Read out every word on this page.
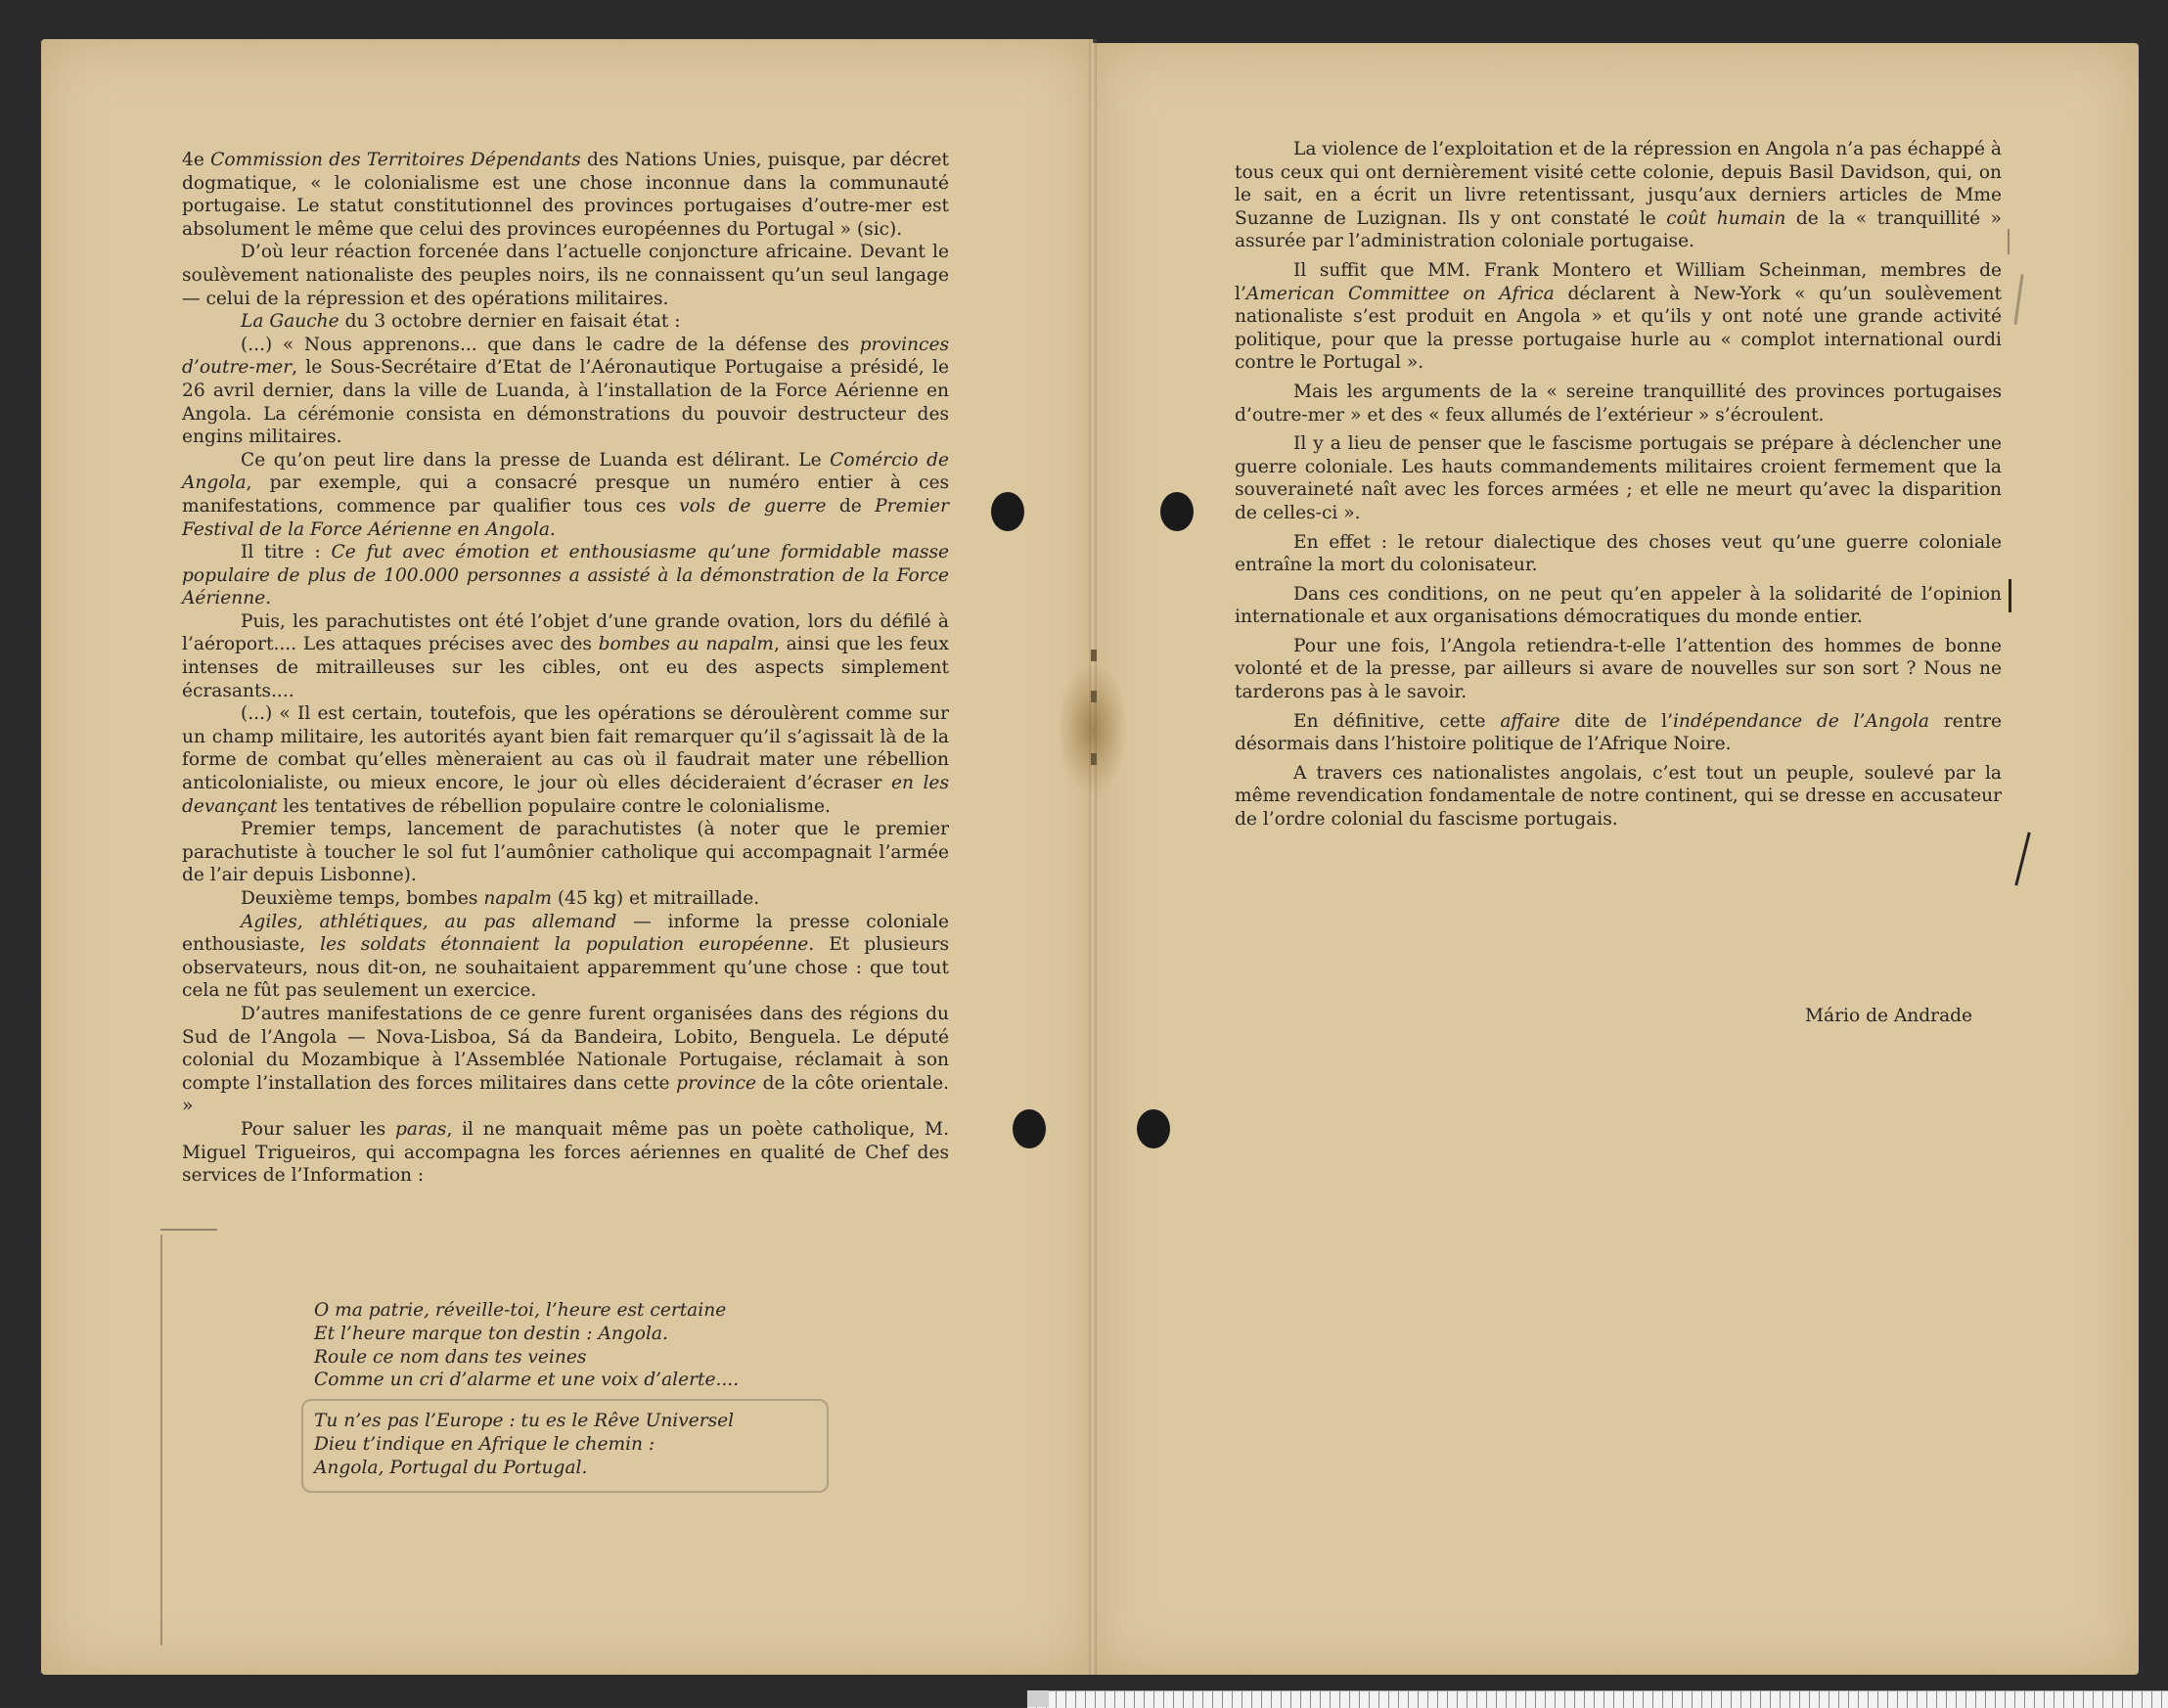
4e Commission des Territoires Dépendants des Nations Unies, puisque, par décret dogmatique, « le colonialisme est une chose inconnue dans la communauté portugaise. Le statut constitutionnel des provinces portugaises d’outre-mer est absolument le même que celui des provinces européennes du Portugal » (sic).

D’où leur réaction forcenée dans l’actuelle conjoncture africaine. Devant le soulèvement nationaliste des peuples noirs, ils ne connaissent qu’un seul langage — celui de la répression et des opérations militaires.

La Gauche du 3 octobre dernier en faisait état :

(...) « Nous apprenons... que dans le cadre de la défense des provinces d’outre-mer, le Sous-Secrétaire d’Etat de l’Aéronautique Portugaise a présidé, le 26 avril dernier, dans la ville de Luanda, à l’installation de la Force Aérienne en Angola. La cérémonie consista en démonstrations du pouvoir destructeur des engins militaires.

Ce qu’on peut lire dans la presse de Luanda est délirant. Le Comércio de Angola, par exemple, qui a consacré presque un numéro entier à ces manifestations, commence par qualifier tous ces vols de guerre de Premier Festival de la Force Aérienne en Angola.

Il titre : Ce fut avec émotion et enthousiasme qu’une formidable masse populaire de plus de 100.000 personnes a assisté à la démonstration de la Force Aérienne.

Puis, les parachutistes ont été l’objet d’une grande ovation, lors du défilé à l’aéroport.... Les attaques précises avec des bombes au napalm, ainsi que les feux intenses de mitrailleuses sur les cibles, ont eu des aspects simplement écrasants....

(...) « Il est certain, toutefois, que les opérations se déroulèrent comme sur un champ militaire, les autorités ayant bien fait remarquer qu’il s’agissait là de la forme de combat qu’elles mèneraient au cas où il faudrait mater une rébellion anticolonialiste, ou mieux encore, le jour où elles décideraient d’écraser en les devançant les tentatives de rébellion populaire contre le colonialisme.

Premier temps, lancement de parachutistes (à noter que le premier parachutiste à toucher le sol fut l’aumônier catholique qui accompagnait l’armée de l’air depuis Lisbonne).

Deuxième temps, bombes napalm (45 kg) et mitraillade.

Agiles, athlétiques, au pas allemand — informe la presse coloniale enthousiaste, les soldats étonnaient la population européenne. Et plusieurs observateurs, nous dit-on, ne souhaitaient apparemment qu’une chose : que tout cela ne fût pas seulement un exercice.

D’autres manifestations de ce genre furent organisées dans des régions du Sud de l’Angola — Nova-Lisboa, Sá da Bandeira, Lobito, Benguela. Le député colonial du Mozambique à l’Assemblée Nationale Portugaise, réclamait à son compte l’installation des forces militaires dans cette province de la côte orientale. »

Pour saluer les paras, il ne manquait même pas un poète catholique, M. Miguel Trigueiros, qui accompagna les forces aériennes en qualité de Chef des services de l’Information :

O ma patrie, réveille-toi, l’heure est certaine
Et l’heure marque ton destin : Angola.
Roule ce nom dans tes veines
Comme un cri d’alarme et une voix d’alerte....
Tu n’es pas l’Europe : tu es le Rêve Universel
Dieu t’indique en Afrique le chemin :
Angola, Portugal du Portugal.

La violence de l’exploitation et de la répression en Angola n’a pas échappé à tous ceux qui ont dernièrement visité cette colonie, depuis Basil Davidson, qui, on le sait, en a écrit un livre retentissant, jusqu’aux derniers articles de Mme Suzanne de Luzignan. Ils y ont constaté le coût humain de la « tranquillité » assurée par l’administration coloniale portugaise.

Il suffit que MM. Frank Montero et William Scheinman, membres de l’American Committee on Africa déclarent à New-York « qu’un soulèvement nationaliste s’est produit en Angola » et qu’ils y ont noté une grande activité politique, pour que la presse portugaise hurle au « complot international ourdi contre le Portugal ».

Mais les arguments de la « sereine tranquillité des provinces portugaises d’outre-mer » et des « feux allumés de l’extérieur » s’écroulent.

Il y a lieu de penser que le fascisme portugais se prépare à déclencher une guerre coloniale. Les hauts commandements militaires croient fermement que la souveraineté naît avec les forces armées ; et elle ne meurt qu’avec la disparition de celles-ci ».

En effet : le retour dialectique des choses veut qu’une guerre coloniale entraîne la mort du colonisateur.

Dans ces conditions, on ne peut qu’en appeler à la solidarité de l’opinion internationale et aux organisations démocratiques du monde entier.

Pour une fois, l’Angola retiendra-t-elle l’attention des hommes de bonne volonté et de la presse, par ailleurs si avare de nouvelles sur son sort ? Nous ne tarderons pas à le savoir.

En définitive, cette affaire dite de l’indépendance de l’Angola rentre désormais dans l’histoire politique de l’Afrique Noire.

A travers ces nationalistes angolais, c’est tout un peuple, soulevé par la même revendication fondamentale de notre continent, qui se dresse en accusateur de l’ordre colonial du fascisme portugais.

Mário de Andrade
